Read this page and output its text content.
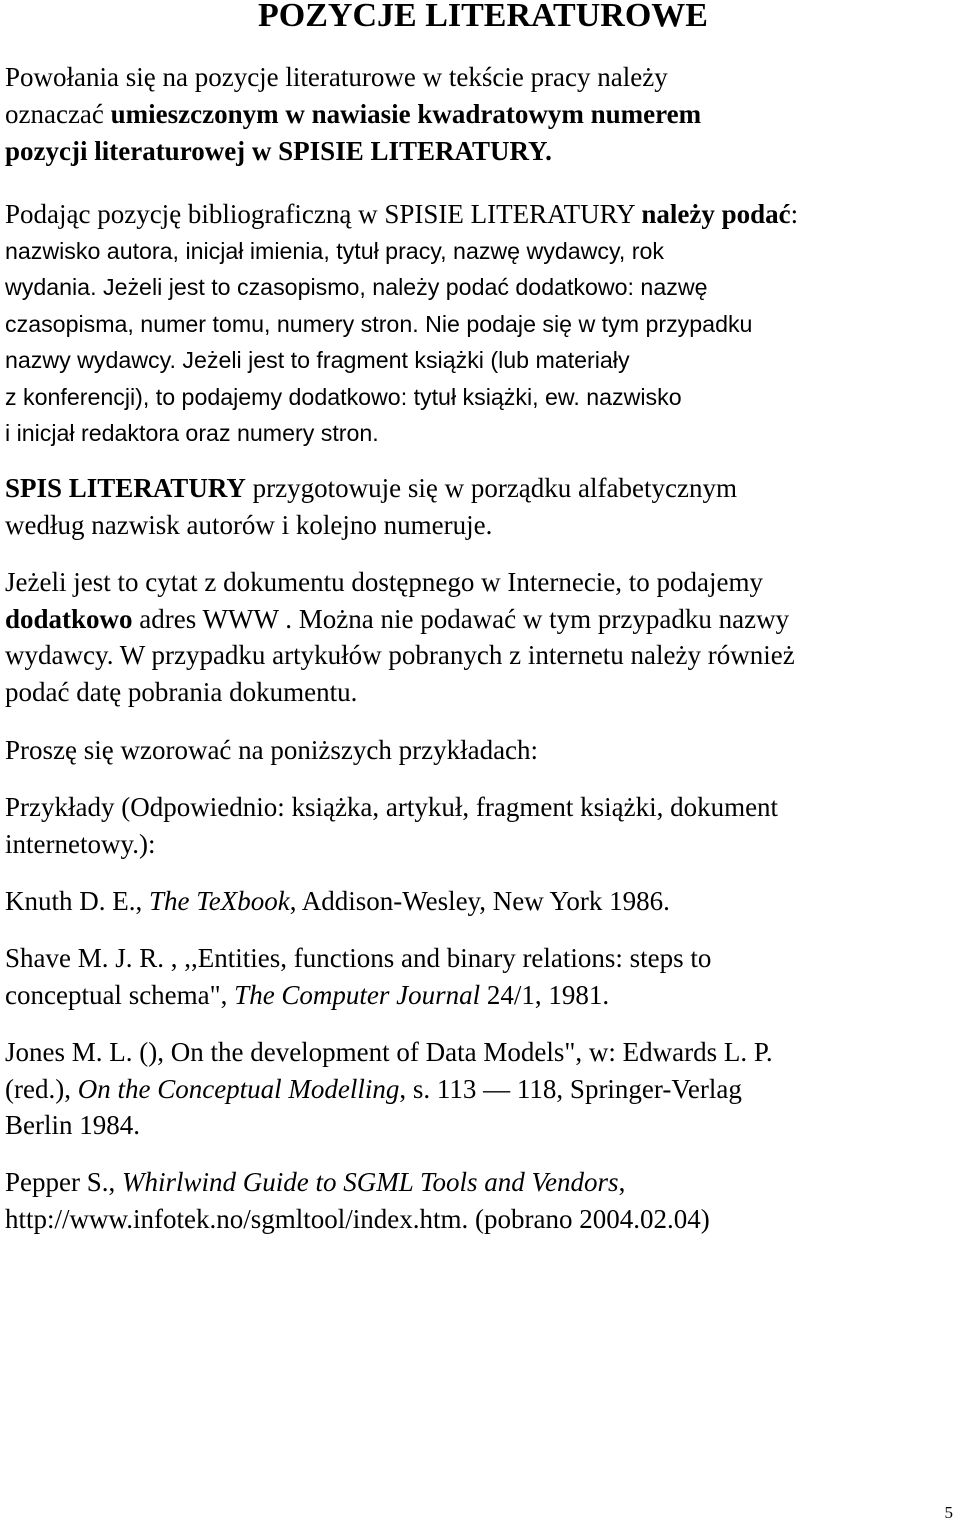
POZYCJE LITERATUROWE

Powołania się na pozycje literaturowe w tekście pracy należy
oznaczać umieszczonym w nawiasie kwadratowym numerem
pozycji literaturowej w SPISIE LITERATURY.

Podając pozycję bibliograficzną w SPISIE LITERATURY należy podać:
nazwisko autora, inicjał imienia, tytuł pracy, nazwę wydawcy, rok
wydania. Jeżeli jest to czasopismo, należy podać dodatkowo: nazwę
czasopisma, numer tomu, numery stron. Nie podaje się w tym przypadku
nazwy wydawcy. Jeżeli jest to fragment książki (lub materiały
z konferencji), to podajemy dodatkowo: tytuł książki, ew. nazwisko
i inicjał redaktora oraz numery stron.

SPIS LITERATURY przygotowuje się w porządku alfabetycznym
według nazwisk autorów i kolejno numeruje.

Jeżeli jest to cytat z dokumentu dostępnego w Internecie, to podajemy
dodatkowo adres WWW . Można nie podawać w tym przypadku nazwy
wydawcy. W przypadku artykułów pobranych z internetu należy również
podać datę pobrania dokumentu.

Proszę się wzorować na poniższych przykładach:

Przykłady (Odpowiednio: książka, artykuł, fragment książki, dokument
internetowy.):

Knuth D. E., The TeXbook, Addison-Wesley, New York 1986.

Shave M. J. R. , ,,Entities, functions and binary relations: steps to
conceptual schema", The Computer Journal 24/1, 1981.

Jones M. L. (), On the development of Data Models", w: Edwards L. P.
(red.), On the Conceptual Modelling, s. 113 — 118, Springer-Verlag
Berlin 1984.

Pepper S., Whirlwind Guide to SGML Tools and Vendors,
http://www.infotek.no/sgmltool/index.htm. (pobrano 2004.02.04)

5
